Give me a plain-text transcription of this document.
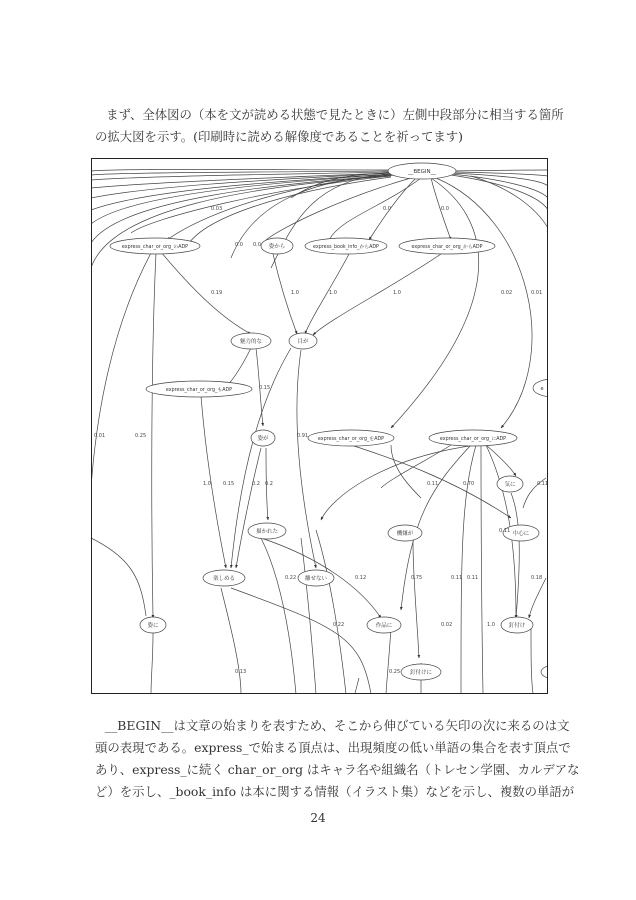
まず、全体図の（本を文が読める状態で見たときに）左側中段部分に相当する箇所

の拡大図を示す。(印刷時に読める解像度であることを祈ってます)

__BEGIN__
express_char_or_org_のADP	姿から	express_book_info_からADP	express_char_or_org_からADP
魅力的な	目が
express_char_or_org_もADP	e
姿が	express_char_or_org_をADP	express_char_or_org_にADP
気に
描かれた	機嫌が	中心に
楽しめる	離せない
姿に	作品に	釘付け
釘付けに
0.03	0.0	0.0
0.0 0.0
0.19	1.0	1.0	1.0	0.02	0.01
0.15
0.01	0.25	0.91
1.0 0.15	0.2 0.2	0.11	0.70	0.11
0.11
0.75	0.11 0.11
0.22	0.12	0.18
0.22	0.02	1.0
0.13	0.25

__BEGIN__は文章の始まりを表すため、そこから伸びている矢印の次に来るのは文

頭の表現である。express_で始まる頂点は、出現頻度の低い単語の集合を表す頂点で

あり、express_に続く char_or_org はキャラ名や組織名（トレセン学園、カルデアな

ど）を示し、_book_info は本に関する情報（イラスト集）などを示し、複数の単語が

24
